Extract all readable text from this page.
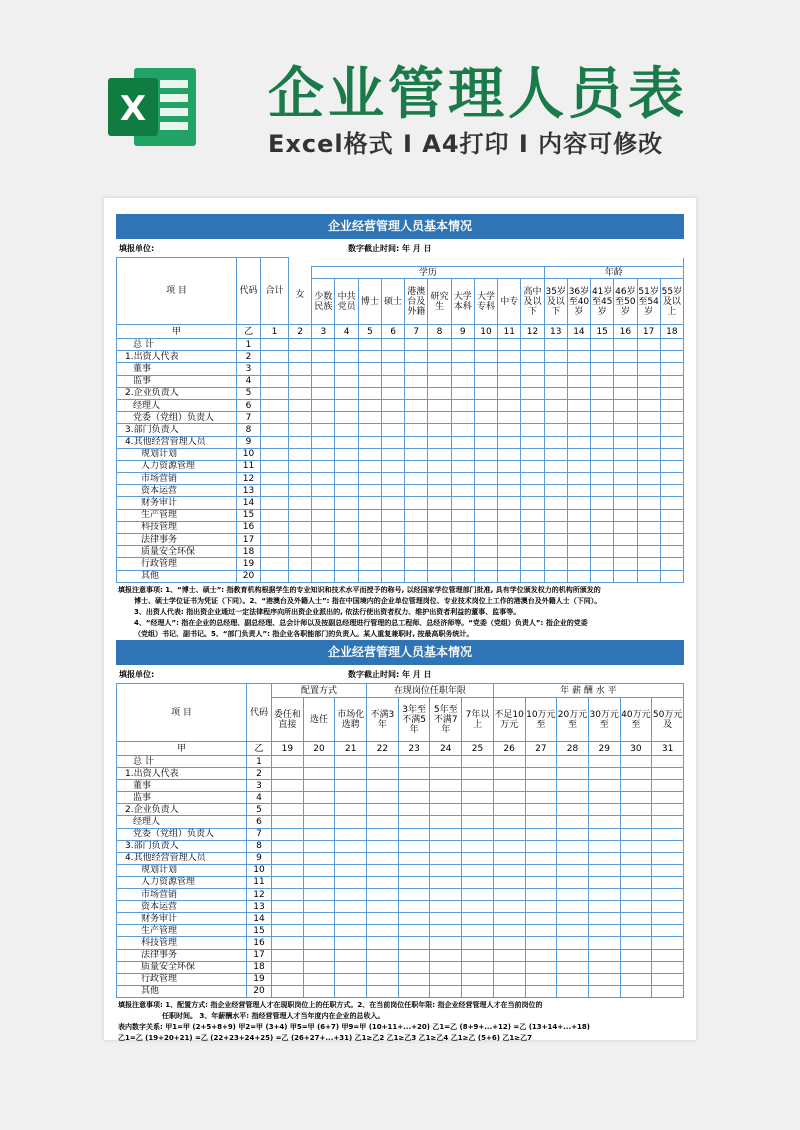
X 企业管理人员表
Excel格式 I A4打印 I 内容可修改
企业经营管理人员基本情况
填报单位:	数字截止时间: 年 月 日
项 目	代码	合计																	
			女	学历										年龄					
				少数民族	中共党员	博士	硕士	港澳台及外籍	研究生	大学本科	大学专科	中专	高中及以下	35岁及以下	36岁至40岁	41岁至45岁	46岁至50岁	51岁至54岁	55岁及以上
甲	乙	1	2	3	4	5	6	7	8	9	10	11	12	13	14	15	16	17	18
总 计	1																		
1.出资人代表	2																		
董事	3																		
监事	4																		
2.企业负责人	5																		
经理人	6																		
党委（党组）负责人	7																		
3.部门负责人	8																		
4.其他经营管理人员	9																		
规划计划	10																		
人力资源管理	11																		
市场营销	12																		
资本运营	13																		
财务审计	14																		
生产管理	15																		
科技管理	16																		
法律事务	17																		
质量安全环保	18																		
行政管理	19																		
其他	20																		
填报注意事项: 1、“博士、硕士”: 指教育机构根据学生的专业知识和技术水平而授予的称号, 以经国家学位管理部门批准, 具有学位颁发权力的机构所颁发的
博士、硕士学位证书为凭证（下同）。2、“港澳台及外籍人士”: 指在中国境内的企业单位管理岗位、专业技术岗位上工作的港澳台及外籍人士（下同）。
3、出资人代表: 指出资企业通过一定法律程序向所出资企业派出的, 依法行使出资者权力、维护出资者利益的董事、监事等。
4、“经理人”: 指在企业的总经理、副总经理、总会计师以及按副总经理进行管理的总工程师、总经济师等。“党委（党组）负责人”: 指企业的党委
（党组）书记、副书记。5、“部门负责人”: 指企业各职能部门的负责人。某人重复兼职时, 按最高职务统计。
企业经营管理人员基本情况
填报单位:	数字截止时间: 年 月 日
项 目	代码	配置方式			在现岗位任职年限				年 薪 酬 水 平					
		委任和直接	选任	市场化选聘	不满3年	3年至不满5年	5年至不满7年	7年以上	不足10万元	10万元至	20万元至	30万元至	40万元至	50万元及
甲	乙	19	20	21	22	23	24	25	26	27	28	29	30	31
总 计	1													
1.出资人代表	2													
董事	3													
监事	4													
2.企业负责人	5													
经理人	6													
党委（党组）负责人	7													
3.部门负责人	8													
4.其他经营管理人员	9													
规划计划	10													
人力资源管理	11													
市场营销	12													
资本运营	13													
财务审计	14													
生产管理	15													
科技管理	16													
法律事务	17													
质量安全环保	18													
行政管理	19													
其他	20													
填报注意事项: 1、配置方式: 指企业经营管理人才在现职岗位上的任职方式。2、在当前岗位任职年限: 指企业经营管理人才在当前岗位的
任职时间。 3、年薪酬水平: 指经营管理人才当年度内在企业的总收入。
表内数字关系: 甲1=甲 (2+5+8+9) 甲2=甲 (3+4) 甲5=甲 (6+7) 甲9=甲 (10+11+...+20) 乙1=乙 (8+9+...+12) =乙 (13+14+...+18)
乙1=乙 (19+20+21) =乙 (22+23+24+25) =乙 (26+27+...+31) 乙1≥乙2 乙1≥乙3 乙1≥乙4 乙1≥乙 (5+6) 乙1≥乙7
